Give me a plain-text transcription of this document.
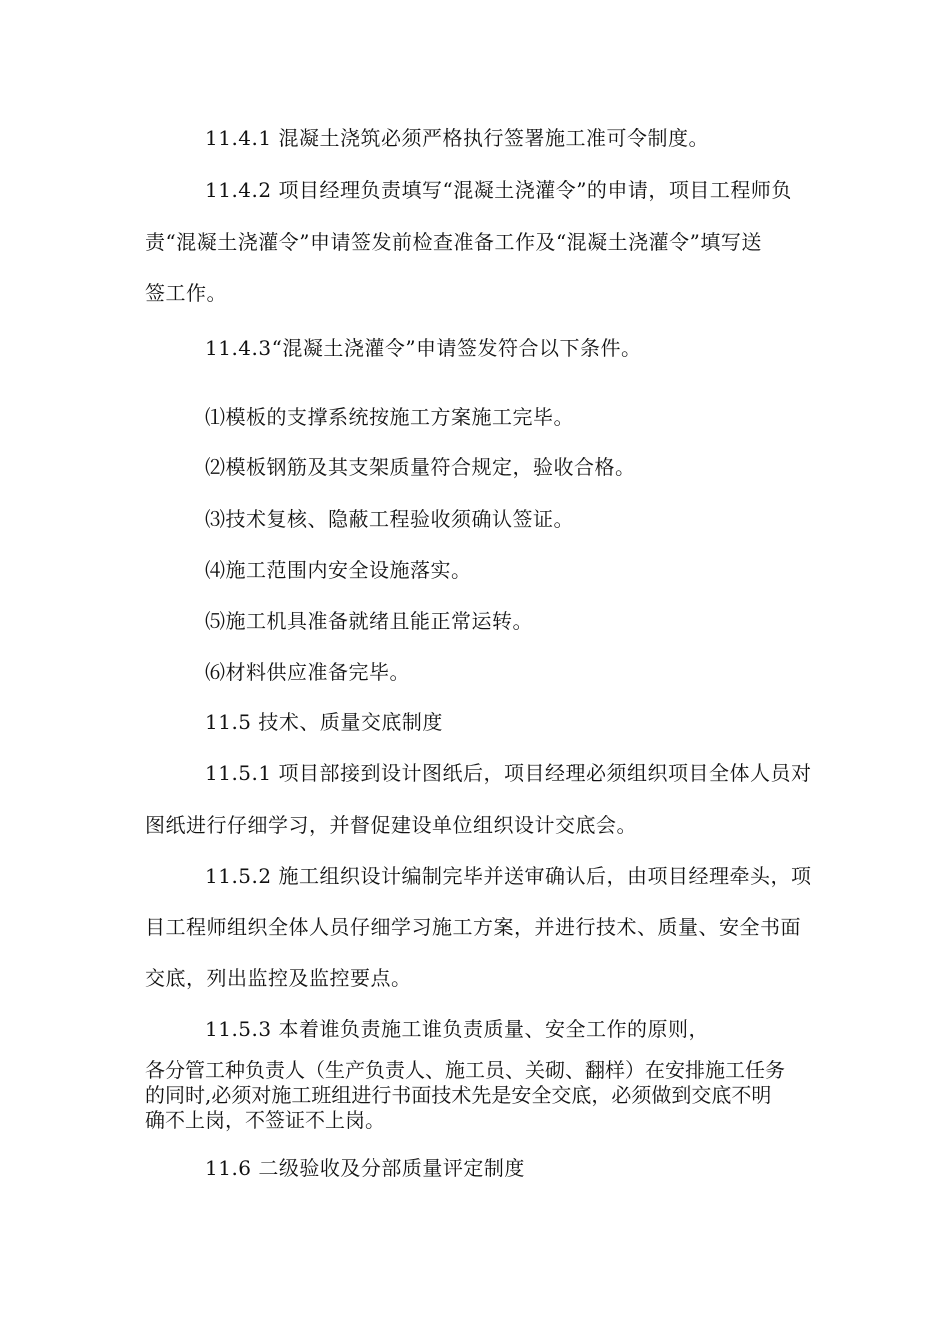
11.4.1 混凝土浇筑必须严格执行签署施工准可令制度。
11.4.2 项目经理负责填写“混凝土浇灌令”的申请，项目工程师负
责“混凝土浇灌令”申请签发前检查准备工作及“混凝土浇灌令”填写送
签工作。
11.4.3“混凝土浇灌令”申请签发符合以下条件。
⑴模板的支撑系统按施工方案施工完毕。
⑵模板钢筋及其支架质量符合规定，验收合格。
⑶技术复核、隐蔽工程验收须确认签证。
⑷施工范围内安全设施落实。
⑸施工机具准备就绪且能正常运转。
⑹材料供应准备完毕。
11.5 技术、质量交底制度
11.5.1 项目部接到设计图纸后，项目经理必须组织项目全体人员对
图纸进行仔细学习，并督促建设单位组织设计交底会。
11.5.2 施工组织设计编制完毕并送审确认后，由项目经理牵头，项
目工程师组织全体人员仔细学习施工方案，并进行技术、质量、安全书面
交底，列出监控及监控要点。
11.5.3 本着谁负责施工谁负责质量、安全工作的原则，
各分管工种负责人（生产负责人、施工员、关砌、翻样）在安排施工任务
的同时,必须对施工班组进行书面技术先是安全交底，必须做到交底不明
确不上岗，不签证不上岗。
11.6 二级验收及分部质量评定制度
